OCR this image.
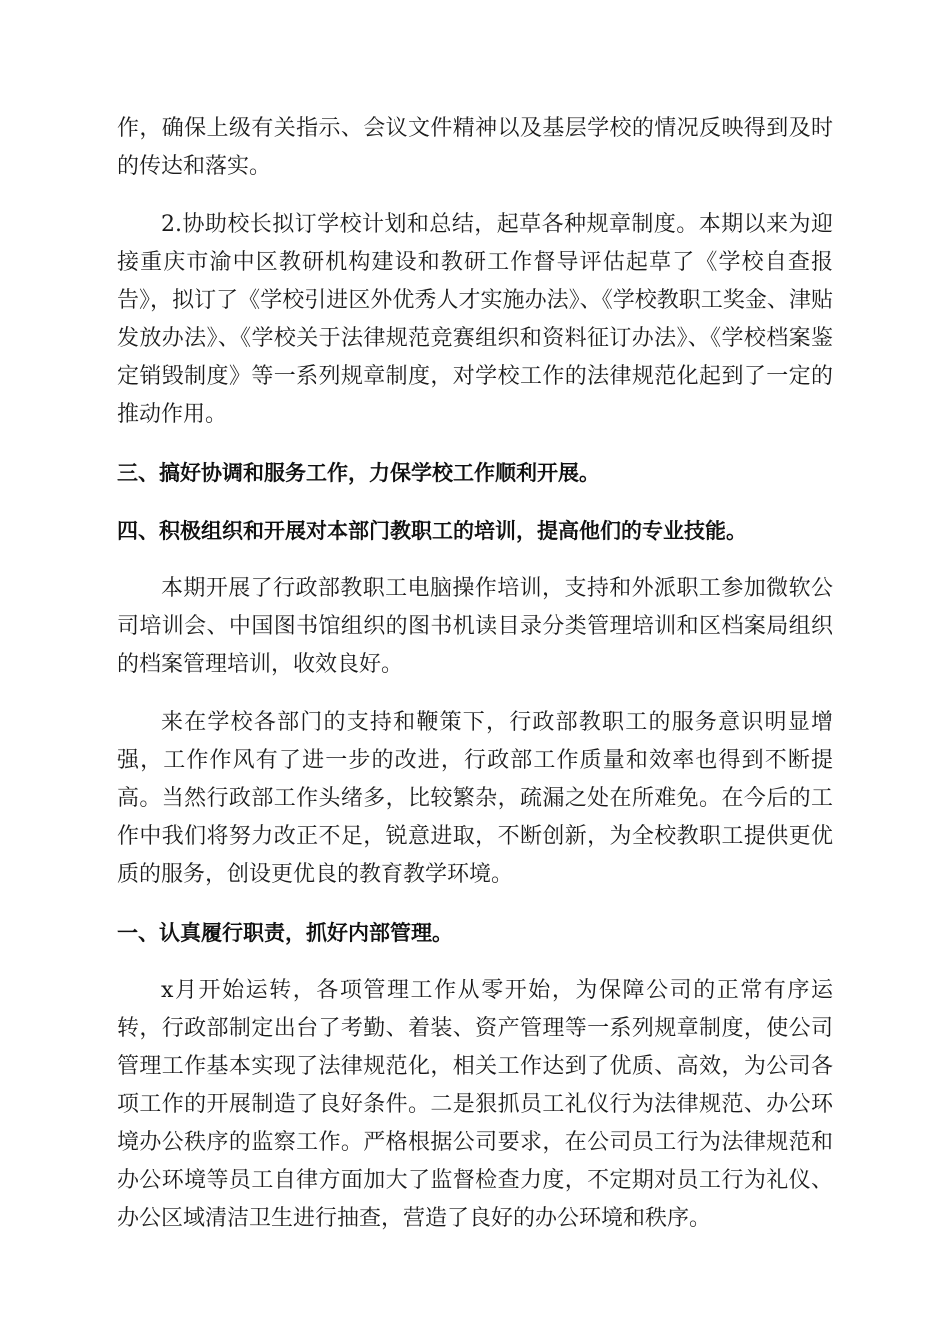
作，确保上级有关指示、会议文件精神以及基层学校的情况反映得到及时的传达和落实。

2.协助校长拟订学校计划和总结，起草各种规章制度。本期以来为迎接重庆市渝中区教研机构建设和教研工作督导评估起草了《学校自查报告》，拟订了《学校引进区外优秀人才实施办法》、《学校教职工奖金、津贴发放办法》、《学校关于法律规范竞赛组织和资料征订办法》、《学校档案鉴定销毁制度》等一系列规章制度，对学校工作的法律规范化起到了一定的推动作用。

三、搞好协调和服务工作，力保学校工作顺利开展。

四、积极组织和开展对本部门教职工的培训，提高他们的专业技能。

本期开展了行政部教职工电脑操作培训，支持和外派职工参加微软公司培训会、中国图书馆组织的图书机读目录分类管理培训和区档案局组织的档案管理培训，收效良好。

来在学校各部门的支持和鞭策下，行政部教职工的服务意识明显增强，工作作风有了进一步的改进，行政部工作质量和效率也得到不断提高。当然行政部工作头绪多，比较繁杂，疏漏之处在所难免。在今后的工作中我们将努力改正不足，锐意进取，不断创新，为全校教职工提供更优质的服务，创设更优良的教育教学环境。

一、认真履行职责，抓好内部管理。

x月开始运转，各项管理工作从零开始，为保障公司的正常有序运转，行政部制定出台了考勤、着装、资产管理等一系列规章制度，使公司管理工作基本实现了法律规范化，相关工作达到了优质、高效，为公司各项工作的开展制造了良好条件。二是狠抓员工礼仪行为法律规范、办公环境办公秩序的监察工作。严格根据公司要求，在公司员工行为法律规范和办公环境等员工自律方面加大了监督检查力度，不定期对员工行为礼仪、办公区域清洁卫生进行抽查，营造了良好的办公环境和秩序。
